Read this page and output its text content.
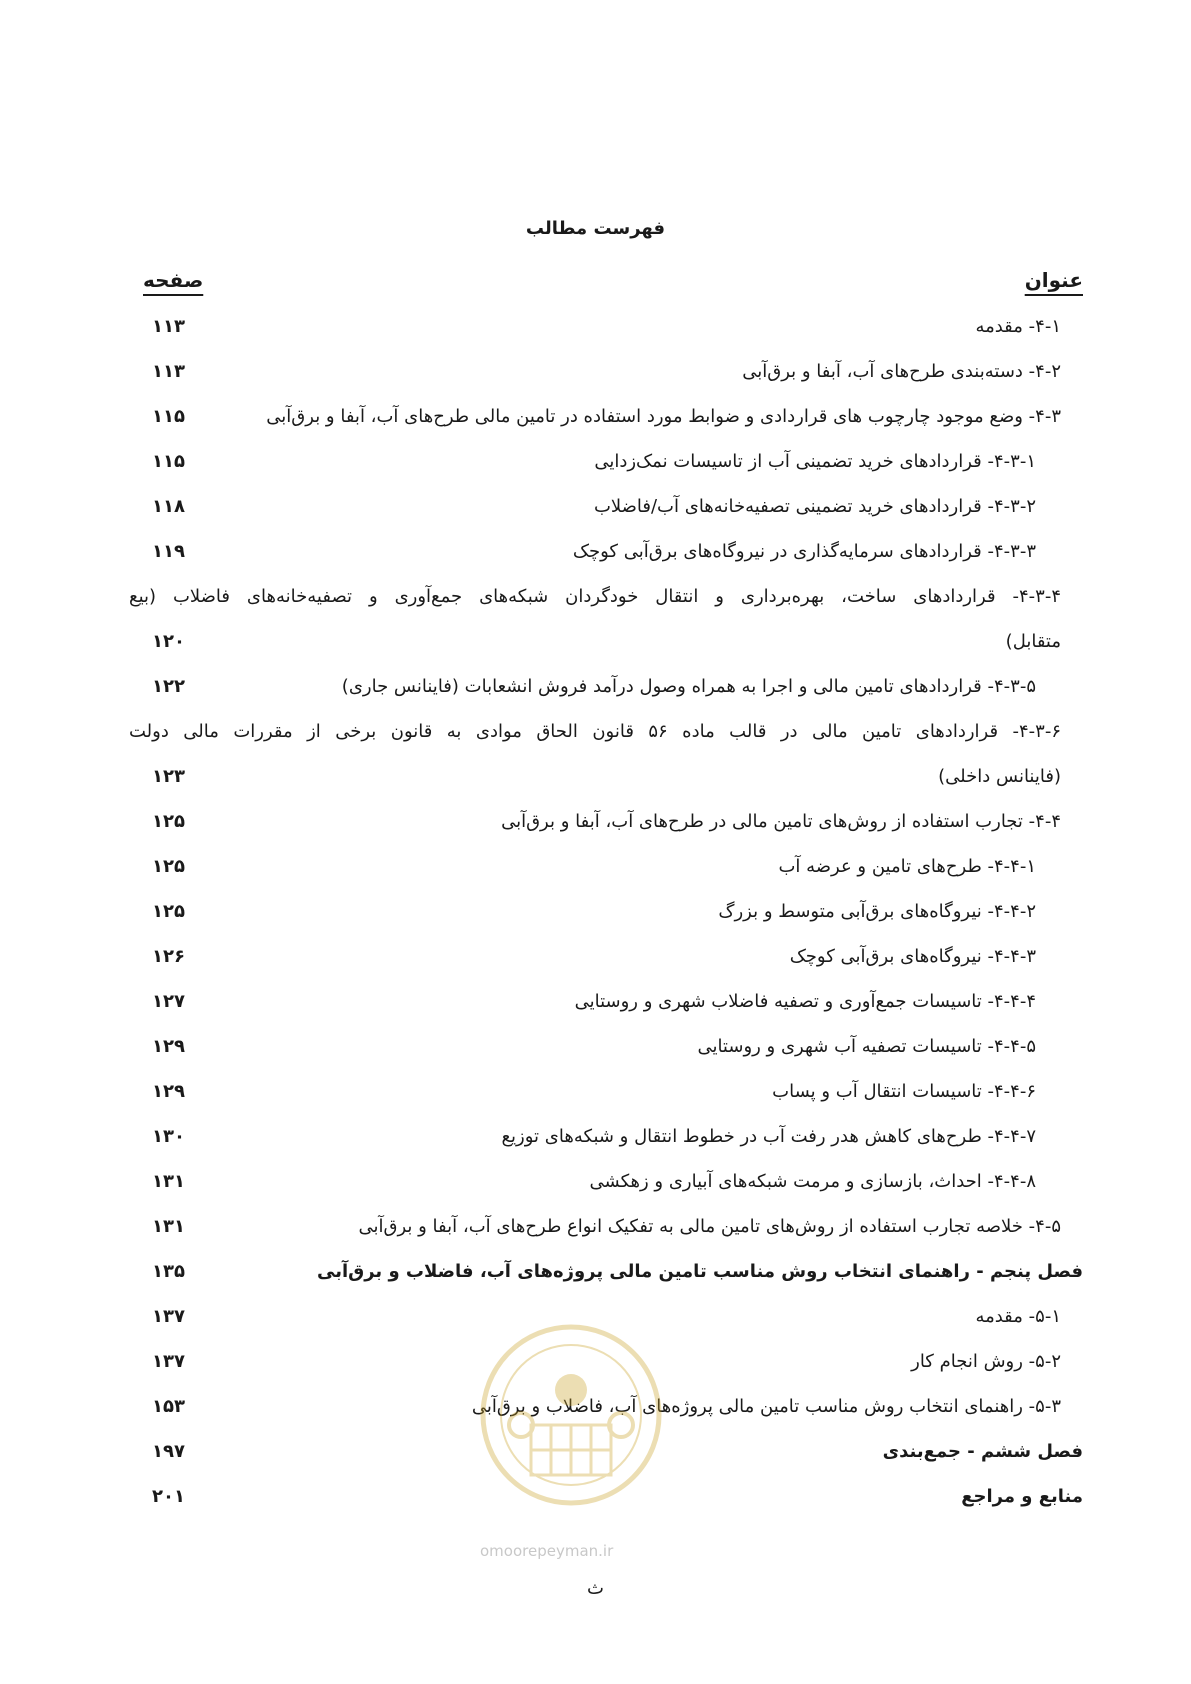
فهرست مطالب
عنوان
صفحه
۴-۱- مقدمه
۱۱۳
۴-۲- دسته‌بندی طرح‌های آب، آبفا و برق‌آبی
۱۱۳
۴-۳- وضع موجود چارچوب های قراردادی و ضوابط مورد استفاده در تامین مالی طرح‌های آب، آبفا و برق‌آبی
۱۱۵
۴-۳-۱- قراردادهای خرید تضمینی آب از تاسیسات نمک‌زدایی
۱۱۵
۴-۳-۲- قراردادهای خرید تضمینی تصفیه‌خانه‌های آب/فاضلاب
۱۱۸
۴-۳-۳- قراردادهای سرمایه‌گذاری در نیروگاه‌های برق‌آبی کوچک
۱۱۹
۴-۳-۴- قراردادهای ساخت، بهره‌برداری و انتقال خودگردان شبکه‌های جمع‌آوری و تصفیه‌خانه‌های فاضلاب (بیع
متقابل)
۱۲۰
۴-۳-۵- قراردادهای تامین مالی و اجرا به همراه وصول درآمد فروش انشعابات (فاینانس جاری)
۱۲۲
۴-۳-۶- قراردادهای تامین مالی در قالب ماده ۵۶ قانون الحاق موادی به قانون برخی از مقررات مالی دولت
(فاینانس داخلی)
۱۲۳
۴-۴- تجارب استفاده از روش‌های تامین مالی در طرح‌های آب، آبفا و برق‌آبی
۱۲۵
۴-۴-۱- طرح‌های تامین و عرضه آب
۱۲۵
۴-۴-۲- نیروگاه‌های برق‌آبی متوسط و بزرگ
۱۲۵
۴-۴-۳- نیروگاه‌های برق‌آبی کوچک
۱۲۶
۴-۴-۴- تاسیسات جمع‌آوری و تصفیه فاضلاب شهری و روستایی
۱۲۷
۴-۴-۵- تاسیسات تصفیه آب شهری و روستایی
۱۲۹
۴-۴-۶- تاسیسات انتقال آب و پساب
۱۲۹
۴-۴-۷- طرح‌های کاهش هدر رفت آب در خطوط انتقال و شبکه‌های توزیع
۱۳۰
۴-۴-۸- احداث، بازسازی و مرمت شبکه‌های آبیاری و زهکشی
۱۳۱
۴-۵- خلاصه تجارب استفاده از روش‌های تامین مالی به تفکیک انواع طرح‌های آب، آبفا و برق‌آبی
۱۳۱
فصل پنجم - راهنمای انتخاب روش مناسب تامین مالی پروژه‌های آب، فاضلاب و برق‌آبی
۱۳۵
۵-۱- مقدمه
۱۳۷
۵-۲- روش انجام کار
۱۳۷
۵-۳- راهنمای انتخاب روش مناسب تامین مالی پروژه‌های آب، فاضلاب و برق‌آبی
۱۵۳
فصل ششم - جمع‌بندی
۱۹۷
منابع و مراجع
۲۰۱
omoorepeyman.ir
ث
